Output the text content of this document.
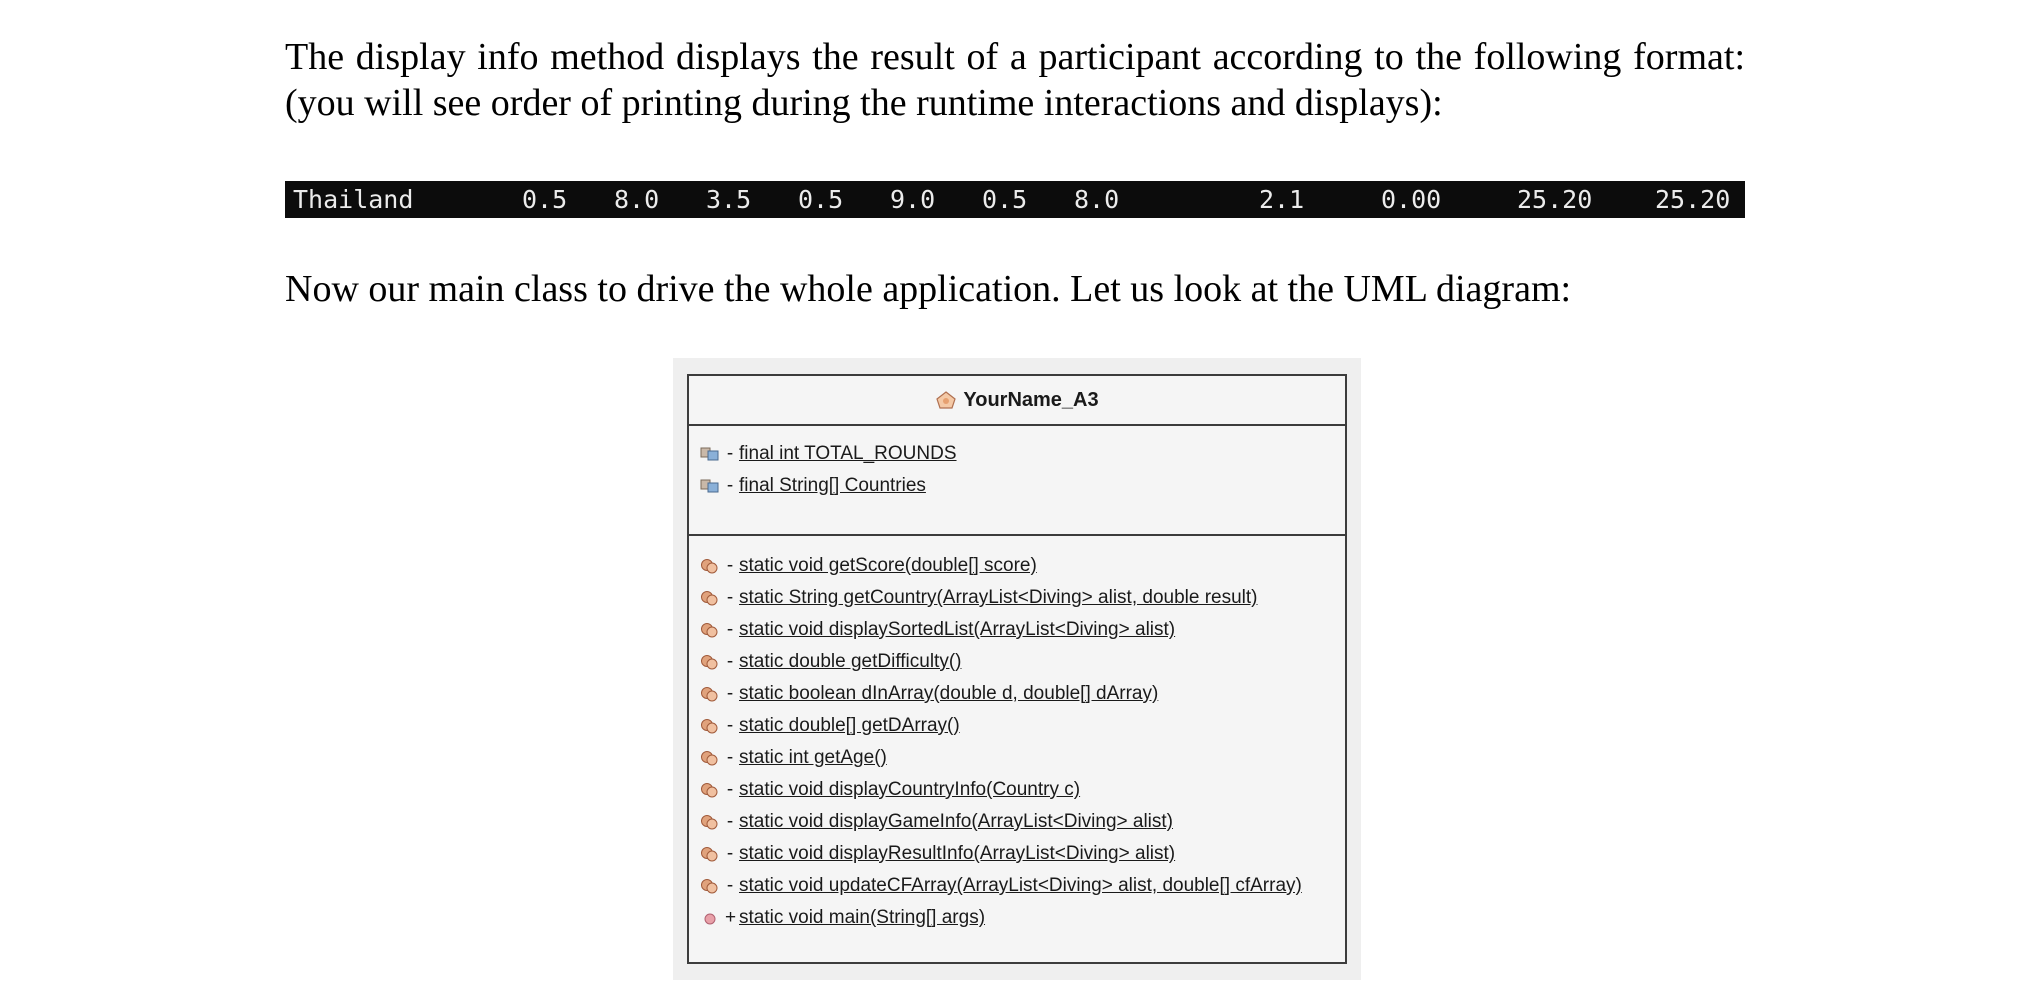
The display info method displays the result of a participant according to the following format: (you will see order of printing during the runtime interactions and displays):

Thailand	0.5 8.0 3.5 0.5 9.0 0.5 8.0	2.1	0.00	25.20	25.20

Now our main class to drive the whole application. Let us look at the UML diagram:

YourName_A3
- final int TOTAL_ROUNDS
- final String[] Countries
- static void getScore(double[] score)
- static String getCountry(ArrayList<Diving> alist, double result)
- static void displaySortedList(ArrayList<Diving> alist)
- static double getDifficulty()
- static boolean dInArray(double d, double[] dArray)
- static double[] getDArray()
- static int getAge()
- static void displayCountryInfo(Country c)
- static void displayGameInfo(ArrayList<Diving> alist)
- static void displayResultInfo(ArrayList<Diving> alist)
- static void updateCFArray(ArrayList<Diving> alist, double[] cfArray)
+ static void main(String[] args)
